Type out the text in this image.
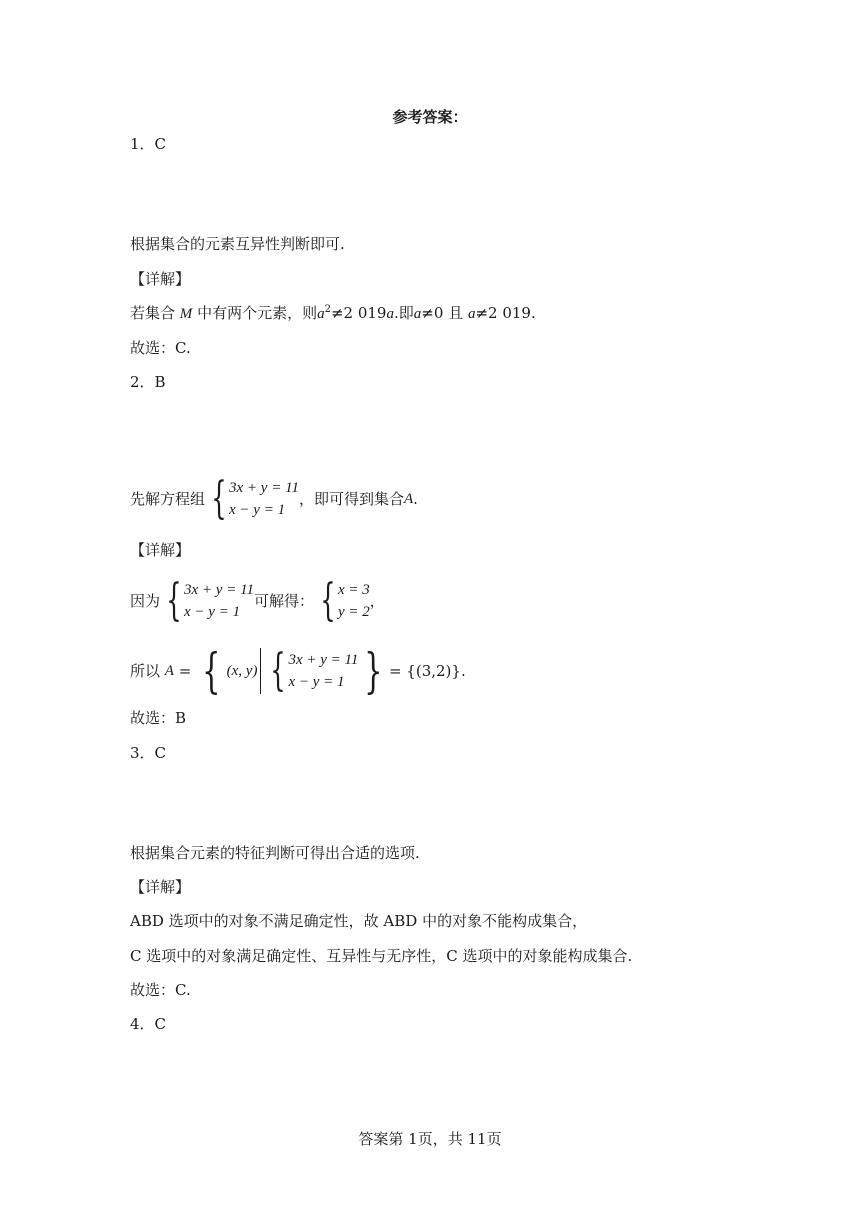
参考答案：
1．C
根据集合的元素互异性判断即可.
【详解】
若集合 M 中有两个元素，则$a^2\ne 2$ 019a.即a≠0 且 a≠2 019.
故选：C.
2．B
先解方程组 { 3x + y = 11
x − y = 1
，即可得到集合A.
【详解】
因为 { 3x + y = 11
x − y = 1
可解得： { x = 3
y = 2
，
所以 A = { (x, y) { 3x + y = 11
x − y = 1 } = {(3,2)}.
故选：B
3．C
根据集合元素的特征判断可得出合适的选项.
【详解】
ABD 选项中的对象不满足确定性，故 ABD 中的对象不能构成集合，
C 选项中的对象满足确定性、互异性与无序性，C 选项中的对象能构成集合.
故选：C.
4．C
答案第 1页，共 11页
